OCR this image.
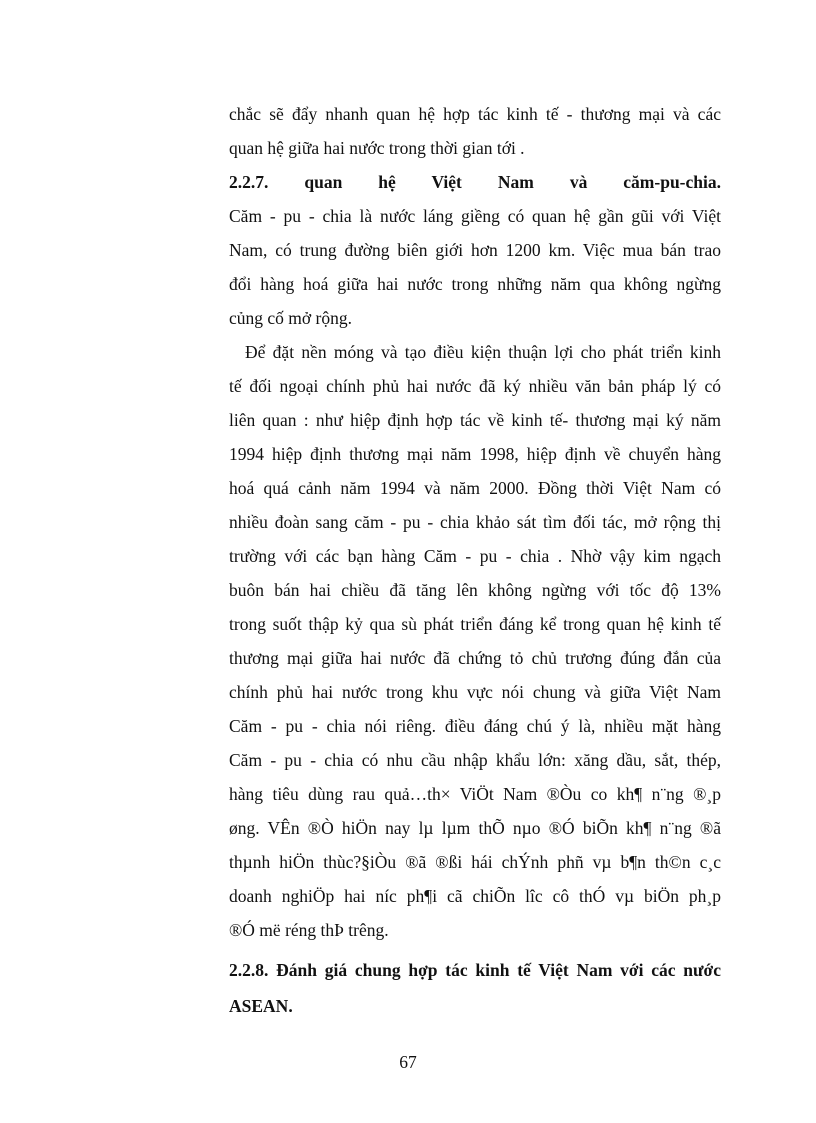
chắc sẽ đẩy nhanh quan hệ hợp tác kinh tế - thương mại và các
quan hệ giữa hai nước trong thời gian tới .
2.2.7. quan hệ Việt Nam và căm-pu-chia.
Căm - pu - chia là nước láng giềng có quan hệ gần gũi với Việt
Nam, có trung đường biên giới hơn 1200 km. Việc mua bán trao
đổi hàng hoá giữa hai nước trong những năm qua không ngừng
củng cố mở rộng.
Để đặt nền móng và tạo điều kiện thuận lợi cho phát triển kinh
tế đối ngoại chính phủ hai nước đã ký nhiều văn bản pháp lý có
liên quan : như hiệp định hợp tác về kinh tế- thương mại ký năm
1994 hiệp định thương mại năm 1998, hiệp định về chuyển hàng
hoá quá cảnh năm 1994 và năm 2000. Đồng thời Việt Nam có
nhiều đoàn sang căm - pu - chia khảo sát tìm đối tác, mở rộng thị
trường với các bạn hàng Căm - pu - chia . Nhờ vậy kim ngạch
buôn bán hai chiều đã tăng lên không ngừng với tốc độ 13%
trong suốt thập kỷ qua sù phát triển đáng kể trong quan hệ kinh tế
thương mại giữa hai nước đã chứng tỏ chủ trương đúng đắn của
chính phủ hai nước trong khu vực nói chung và giữa Việt Nam
Căm - pu - chia nói riêng. điều đáng chú ý là, nhiều mặt hàng
Căm - pu - chia có nhu cầu nhập khẩu lớn: xăng dầu, sắt, thép,
hàng tiêu dùng rau quả…th× ViÖt Nam ®Òu co kh¶ n¨ng ®¸p
øng. VÊn ®Ò hiÖn nay lµ lµm thÕ nµo ®Ó biÕn kh¶ n¨ng ®ã
thµnh hiÖn thùc?§iÒu ®ã ®ßi hái chÝnh phñ vµ b¶n th©n c¸c
doanh nghiÖp hai níc ph¶i cã chiÕn lîc cô thÓ vµ biÖn ph¸p
®Ó më réng thÞ trêng.
2.2.8. Đánh giá chung hợp tác kinh tế Việt Nam với các nước
ASEAN.
67
